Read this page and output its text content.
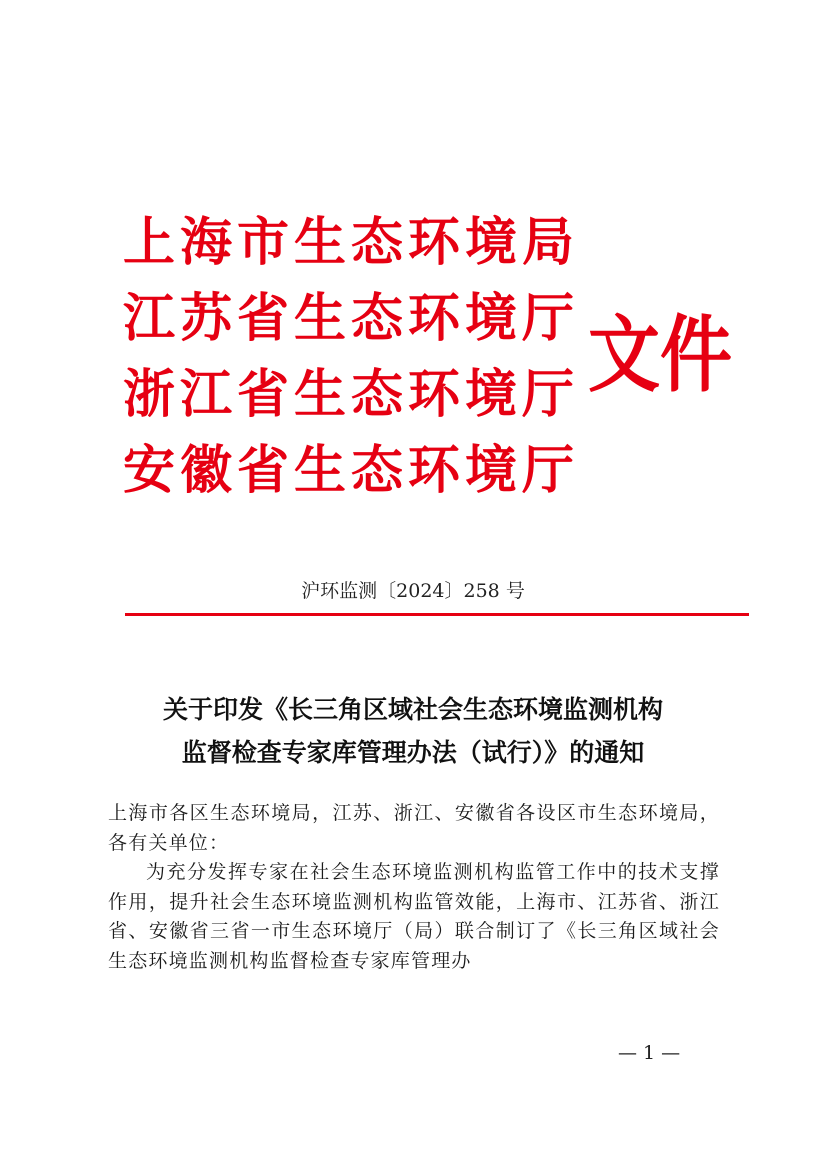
上海市生态环境局
江苏省生态环境厅
浙江省生态环境厅
安徽省生态环境厅
文件
沪环监测〔2024〕258 号
关于印发《长三角区域社会生态环境监测机构
监督检查专家库管理办法（试行）》的通知

上海市各区生态环境局，江苏、浙江、安徽省各设区市生态环境局，各有关单位：

为充分发挥专家在社会生态环境监测机构监管工作中的技术支撑作用，提升社会生态环境监测机构监管效能，上海市、江苏省、浙江省、安徽省三省一市生态环境厅（局）联合制订了《长三角区域社会生态环境监测机构监督检查专家库管理办

— 1 —
